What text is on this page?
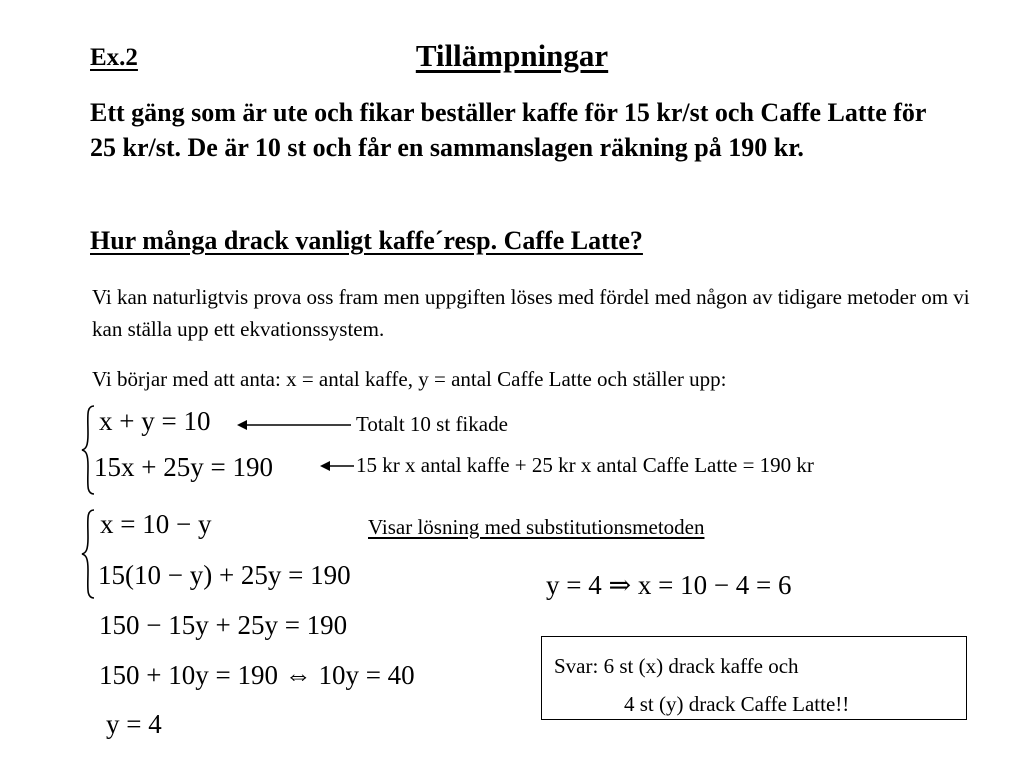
Ex.2	Tillämpningar
Ett gäng som är ute och fikar beställer kaffe för 15 kr/st och Caffe Latte för 25 kr/st. De är 10 st och får en sammanslagen räkning på 190 kr.
Hur många drack vanligt kaffe´resp. Caffe Latte?
Vi kan naturligtvis prova oss fram men uppgiften löses med fördel med någon av tidigare metoder om vi kan ställa upp ett ekvationssystem.
Vi börjar med att anta: x = antal kaffe, y = antal Caffe Latte och ställer upp:
x + y = 10
15x + 25y = 190
Totalt 10 st fikade
15 kr x antal kaffe + 25 kr x antal Caffe Latte = 190 kr
Visar lösning med substitutionsmetoden
x = 10 − y
15(10 − y) + 25y = 190
150 − 15y + 25y = 190
150 + 10y = 190 ⇔ 10y = 40
y = 4
y = 4 ⇒ x = 10 − 4 = 6
Svar: 6 st (x) drack kaffe och
4 st (y) drack Caffe Latte!!
